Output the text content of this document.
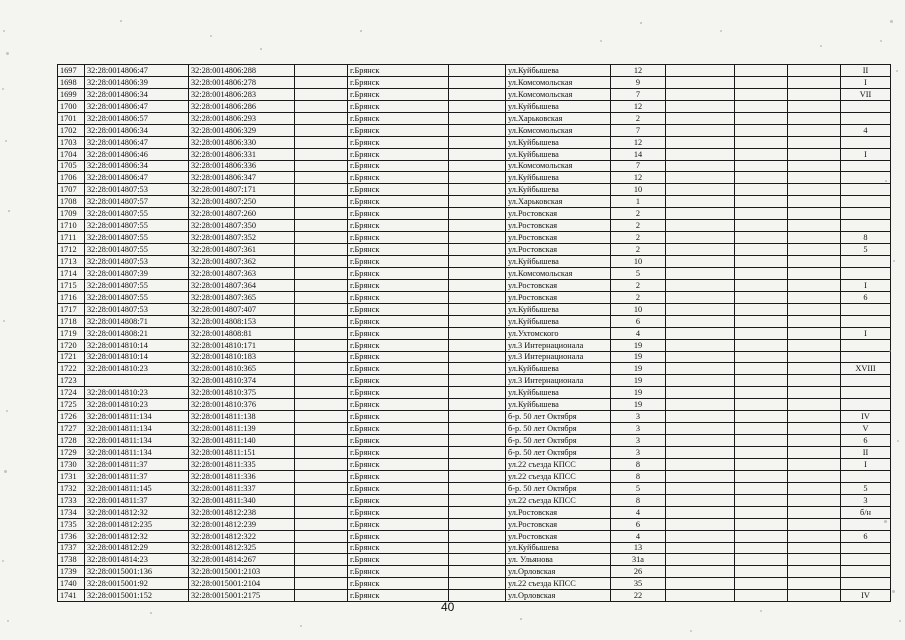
1697	32:28:0014806:47	32:28:0014806:288		г.Брянск		ул.Куйбышева	12				II
1698	32:28:0014806:39	32:28:0014806:278		г.Брянск		ул.Комсомольская	9				I
1699	32:28:0014806:34	32:28:0014806:283		г.Брянск		ул.Комсомольская	7				VII
1700	32:28:0014806:47	32:28:0014806:286		г.Брянск		ул.Куйбышева	12				
1701	32:28:0014806:57	32:28:0014806:293		г.Брянск		ул.Харьковская	2				
1702	32:28:0014806:34	32:28:0014806:329		г.Брянск		ул.Комсомольская	7				4
1703	32:28:0014806:47	32:28:0014806:330		г.Брянск		ул.Куйбышева	12				
1704	32:28:0014806:46	32:28:0014806:331		г.Брянск		ул.Куйбышева	14				I
1705	32:28:0014806:34	32:28:0014806:336		г.Брянск		ул.Комсомольская	7				
1706	32:28:0014806:47	32:28:0014806:347		г.Брянск		ул.Куйбышева	12				
1707	32:28:0014807:53	32:28:0014807:171		г.Брянск		ул.Куйбышева	10				
1708	32:28:0014807:57	32:28:0014807:250		г.Брянск		ул.Харьковская	1				
1709	32:28:0014807:55	32:28:0014807:260		г.Брянск		ул.Ростовская	2				
1710	32:28:0014807:55	32:28:0014807:350		г.Брянск		ул.Ростовская	2				
1711	32:28:0014807:55	32:28:0014807:352		г.Брянск		ул.Ростовская	2				8
1712	32:28:0014807:55	32:28:0014807:361		г.Брянск		ул.Ростовская	2				5
1713	32:28:0014807:53	32:28:0014807:362		г.Брянск		ул.Куйбышева	10				
1714	32:28:0014807:39	32:28:0014807:363		г.Брянск		ул.Комсомольская	5				
1715	32:28:0014807:55	32:28:0014807:364		г.Брянск		ул.Ростовская	2				I
1716	32:28:0014807:55	32:28:0014807:365		г.Брянск		ул.Ростовская	2				6
1717	32:28:0014807:53	32:28:0014807:407		г.Брянск		ул.Куйбышева	10				
1718	32:28:0014808:71	32:28:0014808:153		г.Брянск		ул.Куйбышева	6				
1719	32:28:0014808:21	32:28:0014808:81		г.Брянск		ул.Ухтомского	4				I
1720	32:28:0014810:14	32:28:0014810:171		г.Брянск		ул.3 Интернационала	19				
1721	32:28:0014810:14	32:28:0014810:183		г.Брянск		ул.3 Интернационала	19				
1722	32:28:0014810:23	32:28:0014810:365		г.Брянск		ул.Куйбышева	19				XVIII
1723		32:28:0014810:374		г.Брянск		ул.3 Интернационала	19				
1724	32:28:0014810:23	32:28:0014810:375		г.Брянск		ул.Куйбышева	19				
1725	32:28:0014810:23	32:28:0014810:376		г.Брянск		ул.Куйбышева	19				
1726	32:28:0014811:134	32:28:0014811:138		г.Брянск		б-р. 50 лет Октября	3				IV
1727	32:28:0014811:134	32:28:0014811:139		г.Брянск		б-р. 50 лет Октября	3				V
1728	32:28:0014811:134	32:28:0014811:140		г.Брянск		б-р. 50 лет Октября	3				6
1729	32:28:0014811:134	32:28:0014811:151		г.Брянск		б-р. 50 лет Октября	3				II
1730	32:28:0014811:37	32:28:0014811:335		г.Брянск		ул.22 съезда КПСС	8				I
1731	32:28:0014811:37	32:28:0014811:336		г.Брянск		ул.22 съезда КПСС	8				
1732	32:28:0014811:145	32:28:0014811:337		г.Брянск		б-р. 50 лет Октября	5				5
1733	32:28:0014811:37	32:28:0014811:340		г.Брянск		ул.22 съезда КПСС	8				3
1734	32:28:0014812:32	32:28:0014812:238		г.Брянск		ул.Ростовская	4				б/н
1735	32:28:0014812:235	32:28:0014812:239		г.Брянск		ул.Ростовская	6				
1736	32:28:0014812:32	32:28:0014812:322		г.Брянск		ул.Ростовская	4				6
1737	32:28:0014812:29	32:28:0014812:325		г.Брянск		ул.Куйбышева	13				
1738	32:28:0014814:23	32:28:0014814:267		г.Брянск		ул. Ульянова	31а				
1739	32:28:0015001:136	32:28:0015001:2103		г.Брянск		ул.Орловская	26				
1740	32:28:0015001:92	32:28:0015001:2104		г.Брянск		ул.22 съезда КПСС	35				
1741	32:28:0015001:152	32:28:0015001:2175		г.Брянск		ул.Орловская	22				IV
40
